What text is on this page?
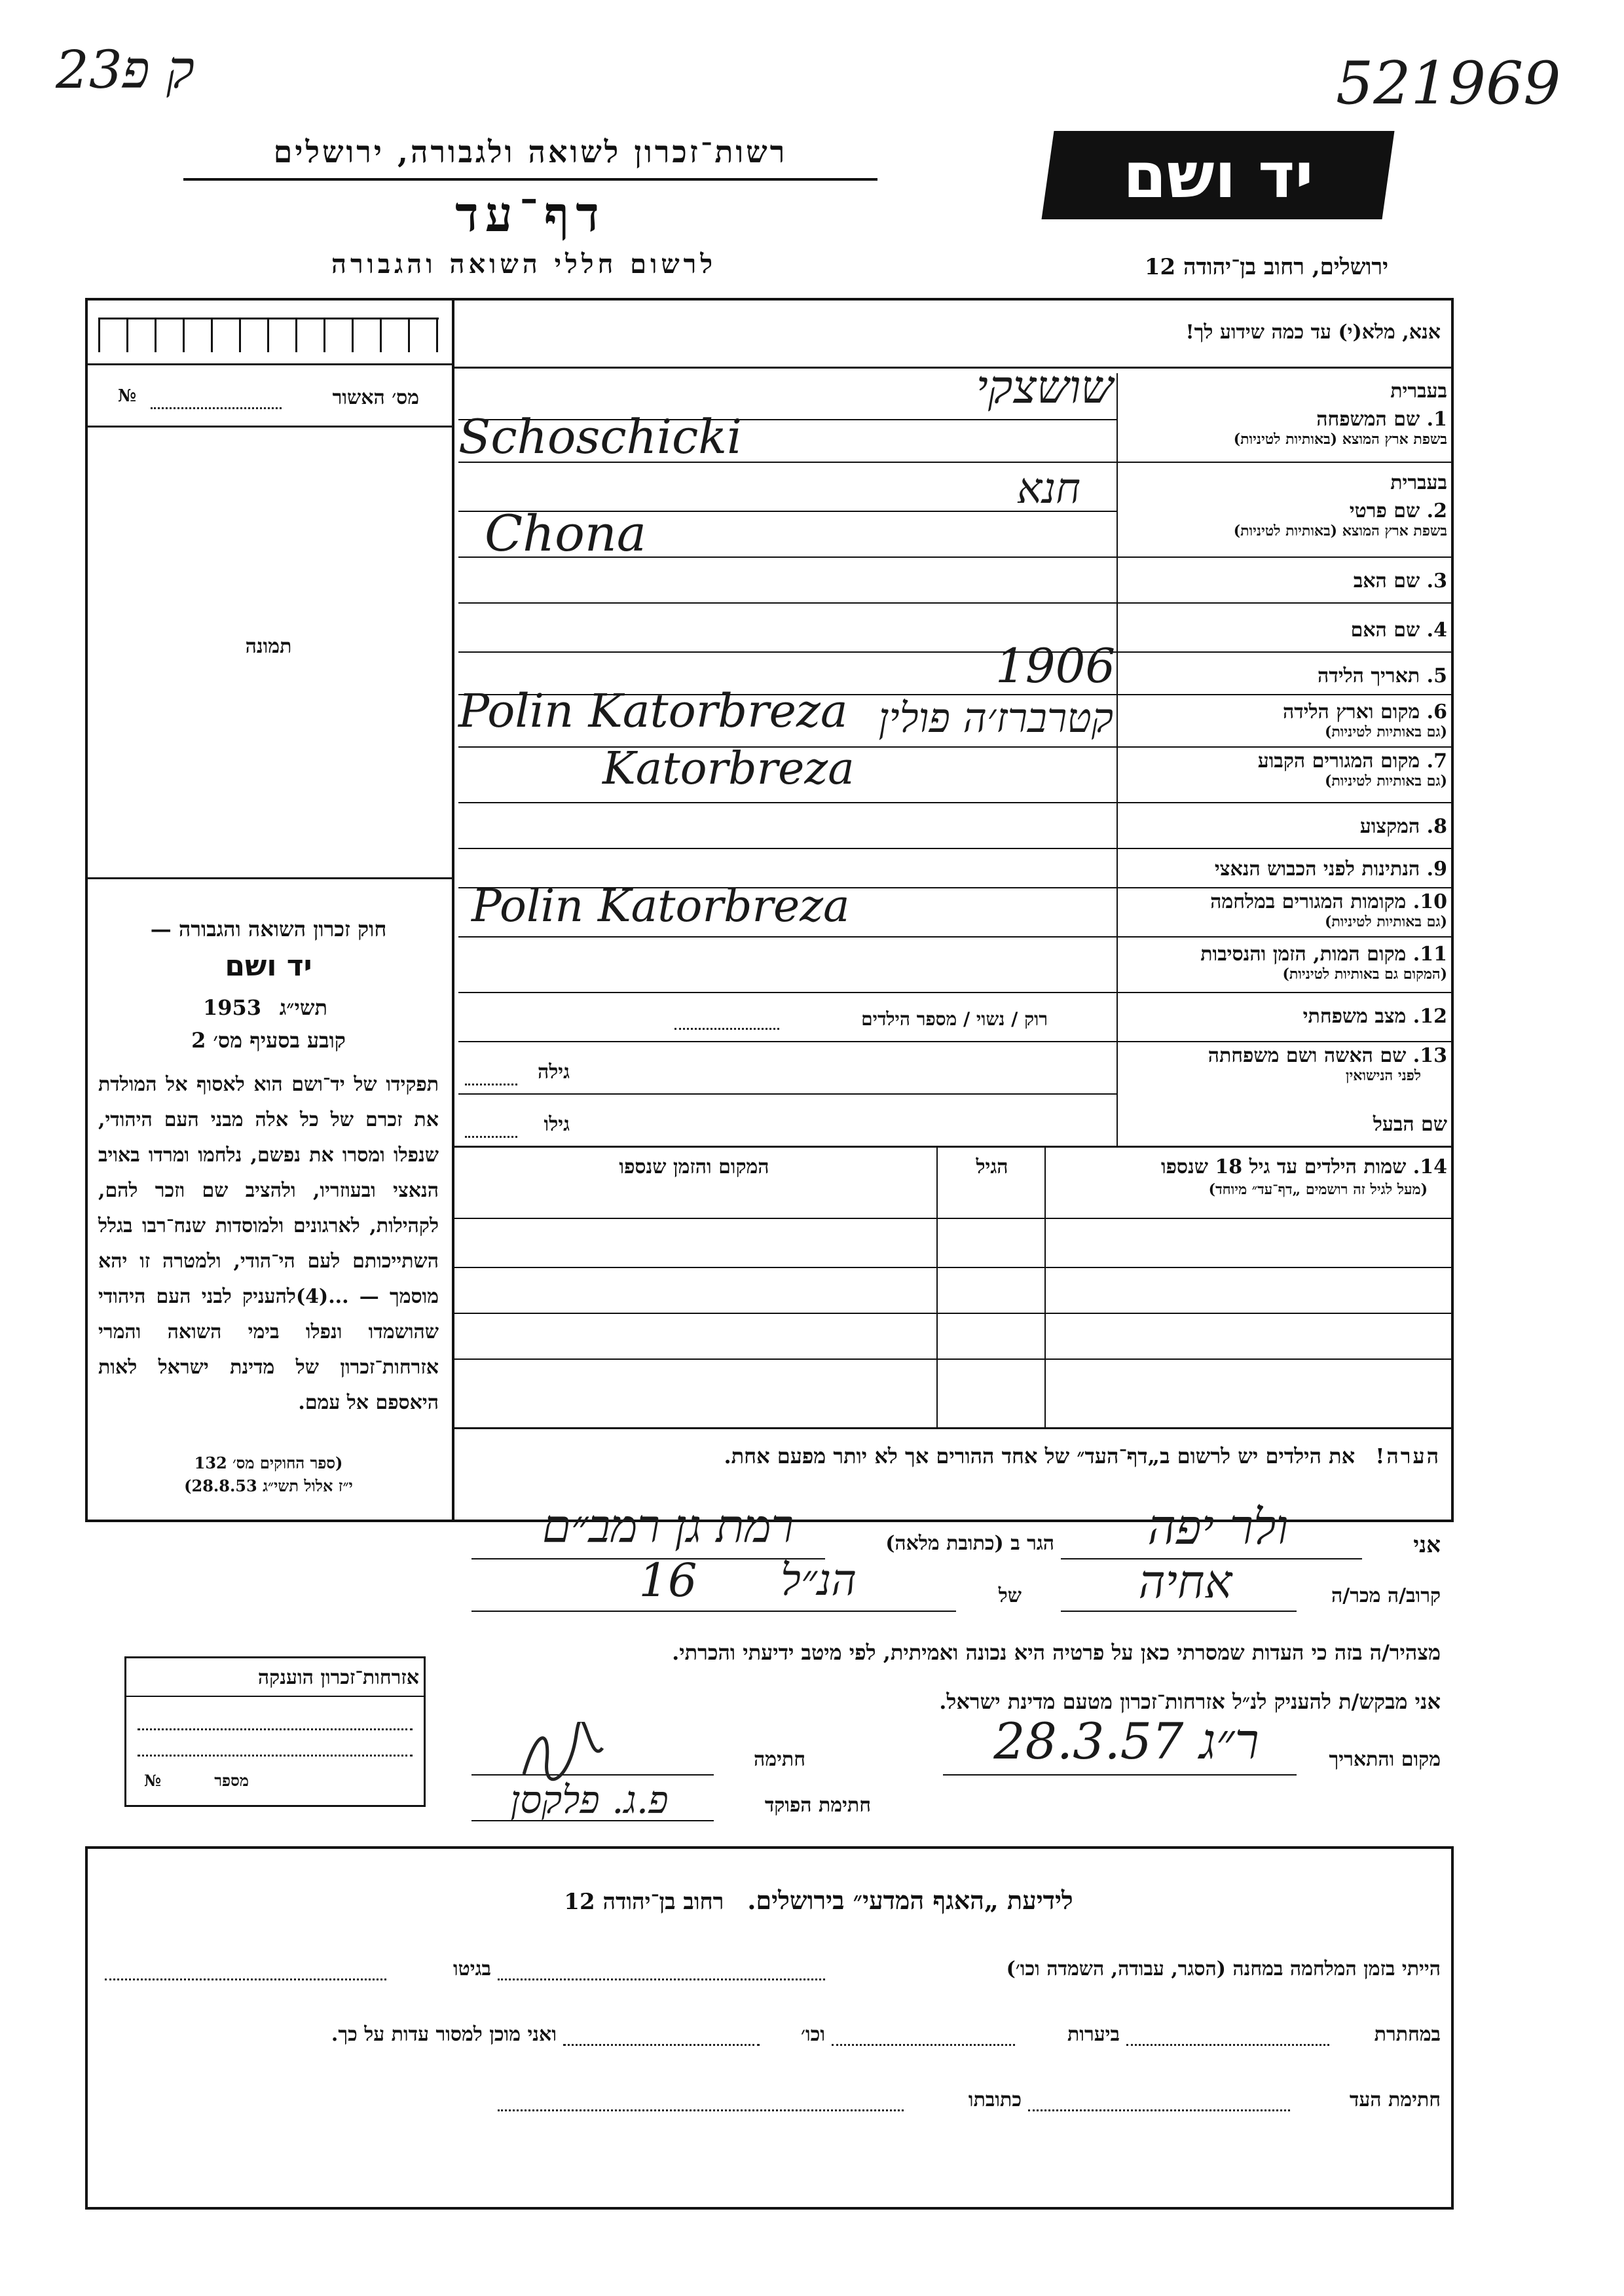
23ק פ	521969
רשות־זכרון לשואה ולגבורה, ירושלים
דף־עד
לרשום חללי השואה והגבורה
יד ושם
ירושלים, רחוב בן־יהודה 12
אנא, מלא(י) עד כמה שידוע לך!
מס׳ האשור
№
תמונה
חוק זכרון השואה והגבורה —
יד ושם
תשי״ג
1953
קובע בסעיף מס׳ 2
תפקידו של יד־ושם הוא לאסוף אל המולדת את זכרם של כל אלה מבני העם היהודי, שנפלו ומסרו את נפשם, נלחמו ומרדו באויב הנאצי ובעוזריו, ולהציב שם וזכר להם, לקהילות, לארגונים ולמוסדות שנח־רבו בגלל השתייכותם לעם הי־הודי, ולמטרה זו יהא מוסמך — ...(4)להעניק לבני העם היהודי שהושמדו ונפלו בימי השואה והמרי אזרחות־זכרון של מדינת ישראל לאות היאספם אל עמם.
(ספר החוקים מס׳ 132
י״ז אלול תשי״ג 28.8.53)
בעברית
1. שם המשפחה
בשפת ארץ המוצא (באותיות לטיניות)
שושצקי
Schoschicki
בעברית
2. שם פרטי
בשפת ארץ המוצא (באותיות לטיניות)
חנא
Chona
3. שם האב
4. שם האם
5. תאריך הלידה
1906
6. מקום וארץ הלידה
(גם באותיות לטיניות)
Polin Katorbreza קטרברז׳ה פולין
7. מקום המגורים הקבוע
(גם באותיות לטיניות)
Katorbreza
8. המקצוע
9. הנתינות לפני הכבוש הנאצי
10. מקומות המגורים במלחמה
(גם באותיות לטיניות)
Polin Katorbreza
11. מקום המות, הזמן והנסיבות
(המקום גם באותיות לטיניות)
12. מצב משפחתי
רוק / נשוי / מספר הילדים
13. שם האשה ושם משפחתה
לפני הנישואין
גילה
שם הבעל
גילו
14. שמות הילדים עד גיל 18 שנספו
(מעל לגיל זה רושמים „דף־עד״ מיוחד)
הגיל
המקום והזמן שנספו
הערה! את הילדים יש לרשום ב„דף־העד״ של אחד ההורים אך לא יותר מפעם אחת.
אני
ולר יפה
הגר ב (כתובת מלאה)
רמת גן רמב״ם 16	קרוב/ה מכר/ה
אחיה
של
הנ״ל
מצהיר/ה בזה כי העדות שמסרתי כאן על פרטיה היא נכונה ואמיתית, לפי מיטב ידיעתי והכרתי.
אני מבקש/ת להעניק לנ״ל אזרחות־זכרון מטעם מדינת ישראל.
מקום והתאריך
ר״ג 28.3.57
חתימה
חתימת הפוקד
פ.ג. פלקסן
אזרחות־זכרון הוענקה
מספר
№
לידיעת „האגף המדעי״ בירושלים. רחוב בן־יהודה 12
הייתי בזמן המלחמה במחנה (הסגר, עבודה, השמדה וכו׳)
בגיטו
במחתרת
ביערות
וכו׳
ואני מוכן למסור עדות על כך.
חתימת העד
כתובתו
